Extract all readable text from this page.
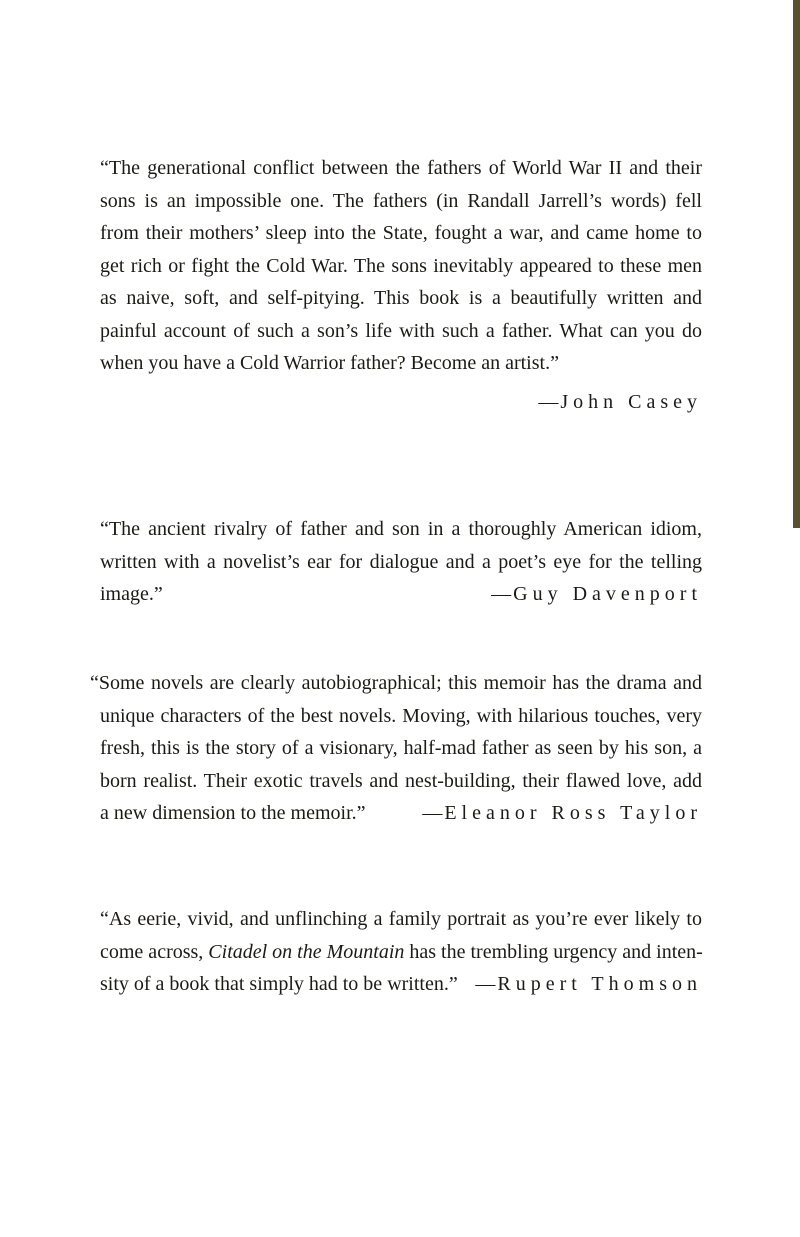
“The generational conflict between the fathers of World War II and their
sons is an impossible one. The fathers (in Randall Jarrell’s words) fell
from their mothers’ sleep into the State, fought a war, and came home to
get rich or fight the Cold War. The sons inevitably appeared to these men
as naive, soft, and self-pitying. This book is a beautifully written and
painful account of such a son’s life with such a father. What can you do
when you have a Cold Warrior father? Become an artist.”
— John Casey
“The ancient rivalry of father and son in a thoroughly American idiom,
written with a novelist’s ear for dialogue and a poet’s eye for the telling
image.”	— Guy Davenport
“Some novels are clearly autobiographical; this memoir has the drama and
unique characters of the best novels. Moving, with hilarious touches, very
fresh, this is the story of a visionary, half-mad father as seen by his son, a
born realist. Their exotic travels and nest-building, their flawed love, add
a new dimension to the memoir.”	— Eleanor Ross Taylor
“As eerie, vivid, and unflinching a family portrait as you’re ever likely to
come across, Citadel on the Mountain has the trembling urgency and inten-
sity of a book that simply had to be written.” — Rupert Thomson
